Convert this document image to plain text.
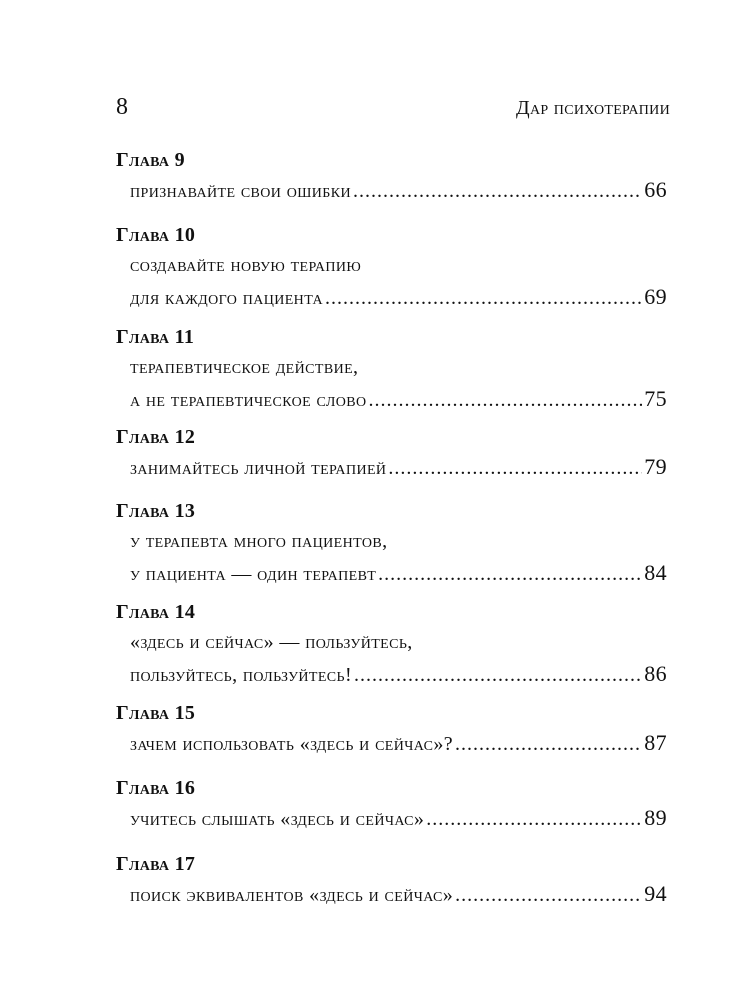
8	Дар психотерапии
Глава 9
признавайте свои ошибки .....	66
Глава 10
создавайте новую терапию
для каждого пациента .....	69
Глава 11
терапевтическое действие,
а не терапевтическое слово .....	75
Глава 12
занимайтесь личной терапией .....	79
Глава 13
у терапевта много пациентов,
у пациента — один терапевт .....	84
Глава 14
«здесь и сейчас» — пользуйтесь,
пользуйтесь, пользуйтесь! .....	86
Глава 15
зачем использовать «здесь и сейчас»? .....	87
Глава 16
учитесь слышать «здесь и сейчас» .....	89
Глава 17
поиск эквивалентов «здесь и сейчас» .....	94
